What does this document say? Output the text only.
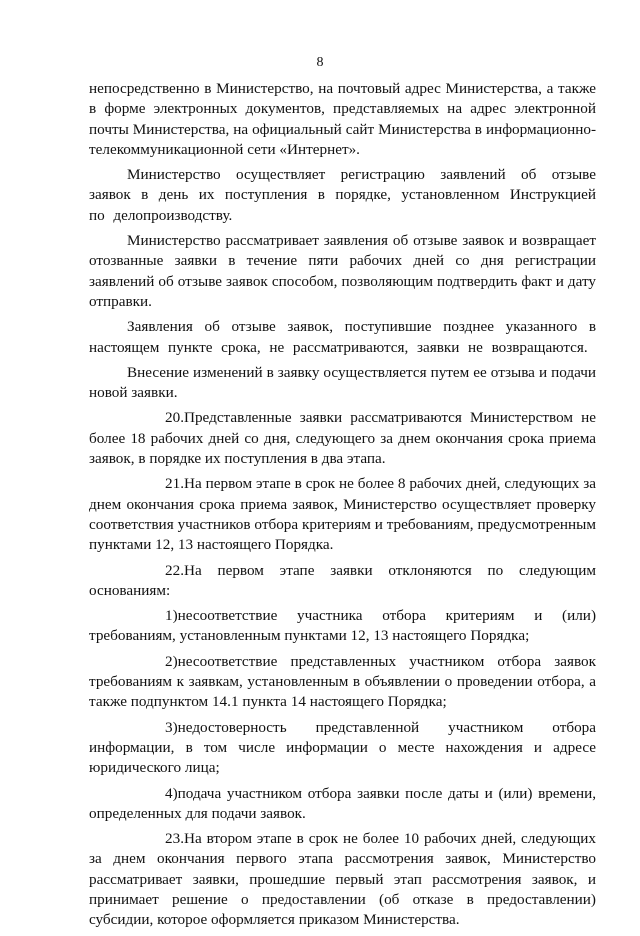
8

непосредственно в Министерство, на почтовый адрес Министерства, а также в форме электронных документов, представляемых на адрес электронной почты Министерства, на официальный сайт Министерства в информационно-телекоммуникационной сети «Интернет».

Министерство осуществляет регистрацию заявлений об отзыве заявок в день их поступления в порядке, установленном Инструкцией по делопроизводству.

Министерство рассматривает заявления об отзыве заявок и возвращает отозванные заявки в течение пяти рабочих дней со дня регистрации заявлений об отзыве заявок способом, позволяющим подтвердить факт и дату отправки.

Заявления об отзыве заявок, поступившие позднее указанного в настоящем пункте срока, не рассматриваются, заявки не возвращаются.

Внесение изменений в заявку осуществляется путем ее отзыва и подачи новой заявки.

20.Представленные заявки рассматриваются Министерством не более 18 рабочих дней со дня, следующего за днем окончания срока приема заявок, в порядке их поступления в два этапа.

21.На первом этапе в срок не более 8 рабочих дней, следующих за днем окончания срока приема заявок, Министерство осуществляет проверку соответствия участников отбора критериям и требованиям, предусмотренным пунктами 12, 13 настоящего Порядка.

22.На первом этапе заявки отклоняются по следующим основаниям:

1)несоответствие участника отбора критериям и (или) требованиям, установленным пунктами 12, 13 настоящего Порядка;

2)несоответствие представленных участником отбора заявок требованиям к заявкам, установленным в объявлении о проведении отбора, а также подпунктом 14.1 пункта 14 настоящего Порядка;

3)недостоверность представленной участником отбора информации, в том числе информации о месте нахождения и адресе юридического лица;

4)подача участником отбора заявки после даты и (или) времени, определенных для подачи заявок.

23.На втором этапе в срок не более 10 рабочих дней, следующих за днем окончания первого этапа рассмотрения заявок, Министерство рассматривает заявки, прошедшие первый этап рассмотрения заявок, и принимает решение о предоставлении (об отказе в предоставлении) субсидии, которое оформляется приказом Министерства.
